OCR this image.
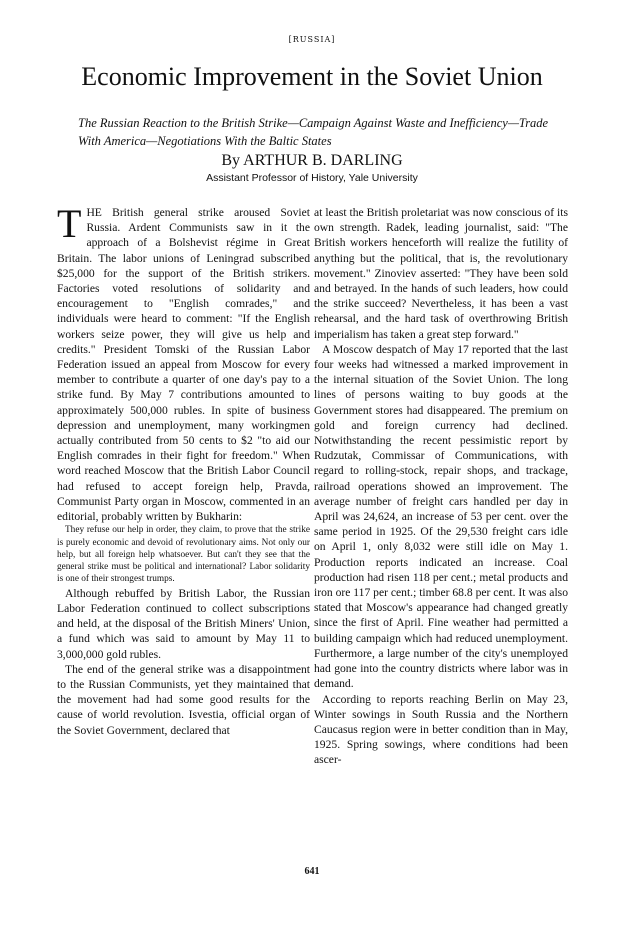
[RUSSIA]
Economic Improvement in the Soviet Union
The Russian Reaction to the British Strike—Campaign Against Waste and Inefficiency—Trade With America—Negotiations With the Baltic States
By ARTHUR B. DARLING
Assistant Professor of History, Yale University

THE British general strike aroused Soviet Russia. Ardent Communists saw in it the approach of a Bolshevist régime in Great Britain. The labor unions of Leningrad subscribed $25,000 for the support of the British strikers. Factories voted resolutions of solidarity and encouragement to "English comrades," and individuals were heard to comment: "If the English workers seize power, they will give us help and credits." President Tomski of the Russian Labor Federation issued an appeal from Moscow for every member to contribute a quarter of one day's pay to a strike fund. By May 7 contributions amounted to approximately 500,000 rubles. In spite of business depression and unemployment, many workingmen actually contributed from 50 cents to $2 "to aid our English comrades in their fight for freedom." When word reached Moscow that the British Labor Council had refused to accept foreign help, Pravda, Communist Party organ in Moscow, commented in an editorial, probably written by Bukharin:

They refuse our help in order, they claim, to prove that the strike is purely economic and devoid of revolutionary aims. Not only our help, but all foreign help whatsoever. But can't they see that the general strike must be political and international? Labor solidarity is one of their strongest trumps.

Although rebuffed by British Labor, the Russian Labor Federation continued to collect subscriptions and held, at the disposal of the British Miners' Union, a fund which was said to amount by May 11 to 3,000,000 gold rubles.

The end of the general strike was a disappointment to the Russian Communists, yet they maintained that the movement had had some good results for the cause of world revolution. Isvestia, official organ of the Soviet Government, declared that

at least the British proletariat was now conscious of its own strength. Radek, leading journalist, said: "The British workers henceforth will realize the futility of anything but the political, that is, the revolutionary movement." Zinoviev asserted: "They have been sold and betrayed. In the hands of such leaders, how could the strike succeed? Nevertheless, it has been a vast rehearsal, and the hard task of overthrowing British imperialism has taken a great step forward."

A Moscow despatch of May 17 reported that the last four weeks had witnessed a marked improvement in the internal situation of the Soviet Union. The long lines of persons waiting to buy goods at the Government stores had disappeared. The premium on gold and foreign currency had declined. Notwithstanding the recent pessimistic report by Rudzutak, Commissar of Communications, with regard to rolling-stock, repair shops, and trackage, railroad operations showed an improvement. The average number of freight cars handled per day in April was 24,624, an increase of 53 per cent. over the same period in 1925. Of the 29,530 freight cars idle on April 1, only 8,032 were still idle on May 1. Production reports indicated an increase. Coal production had risen 118 per cent.; metal products and iron ore 117 per cent.; timber 68.8 per cent. It was also stated that Moscow's appearance had changed greatly since the first of April. Fine weather had permitted a building campaign which had reduced unemployment. Furthermore, a large number of the city's unemployed had gone into the country districts where labor was in demand.

According to reports reaching Berlin on May 23, Winter sowings in South Russia and the Northern Caucasus region were in better condition than in May, 1925. Spring sowings, where conditions had been ascer-

641
